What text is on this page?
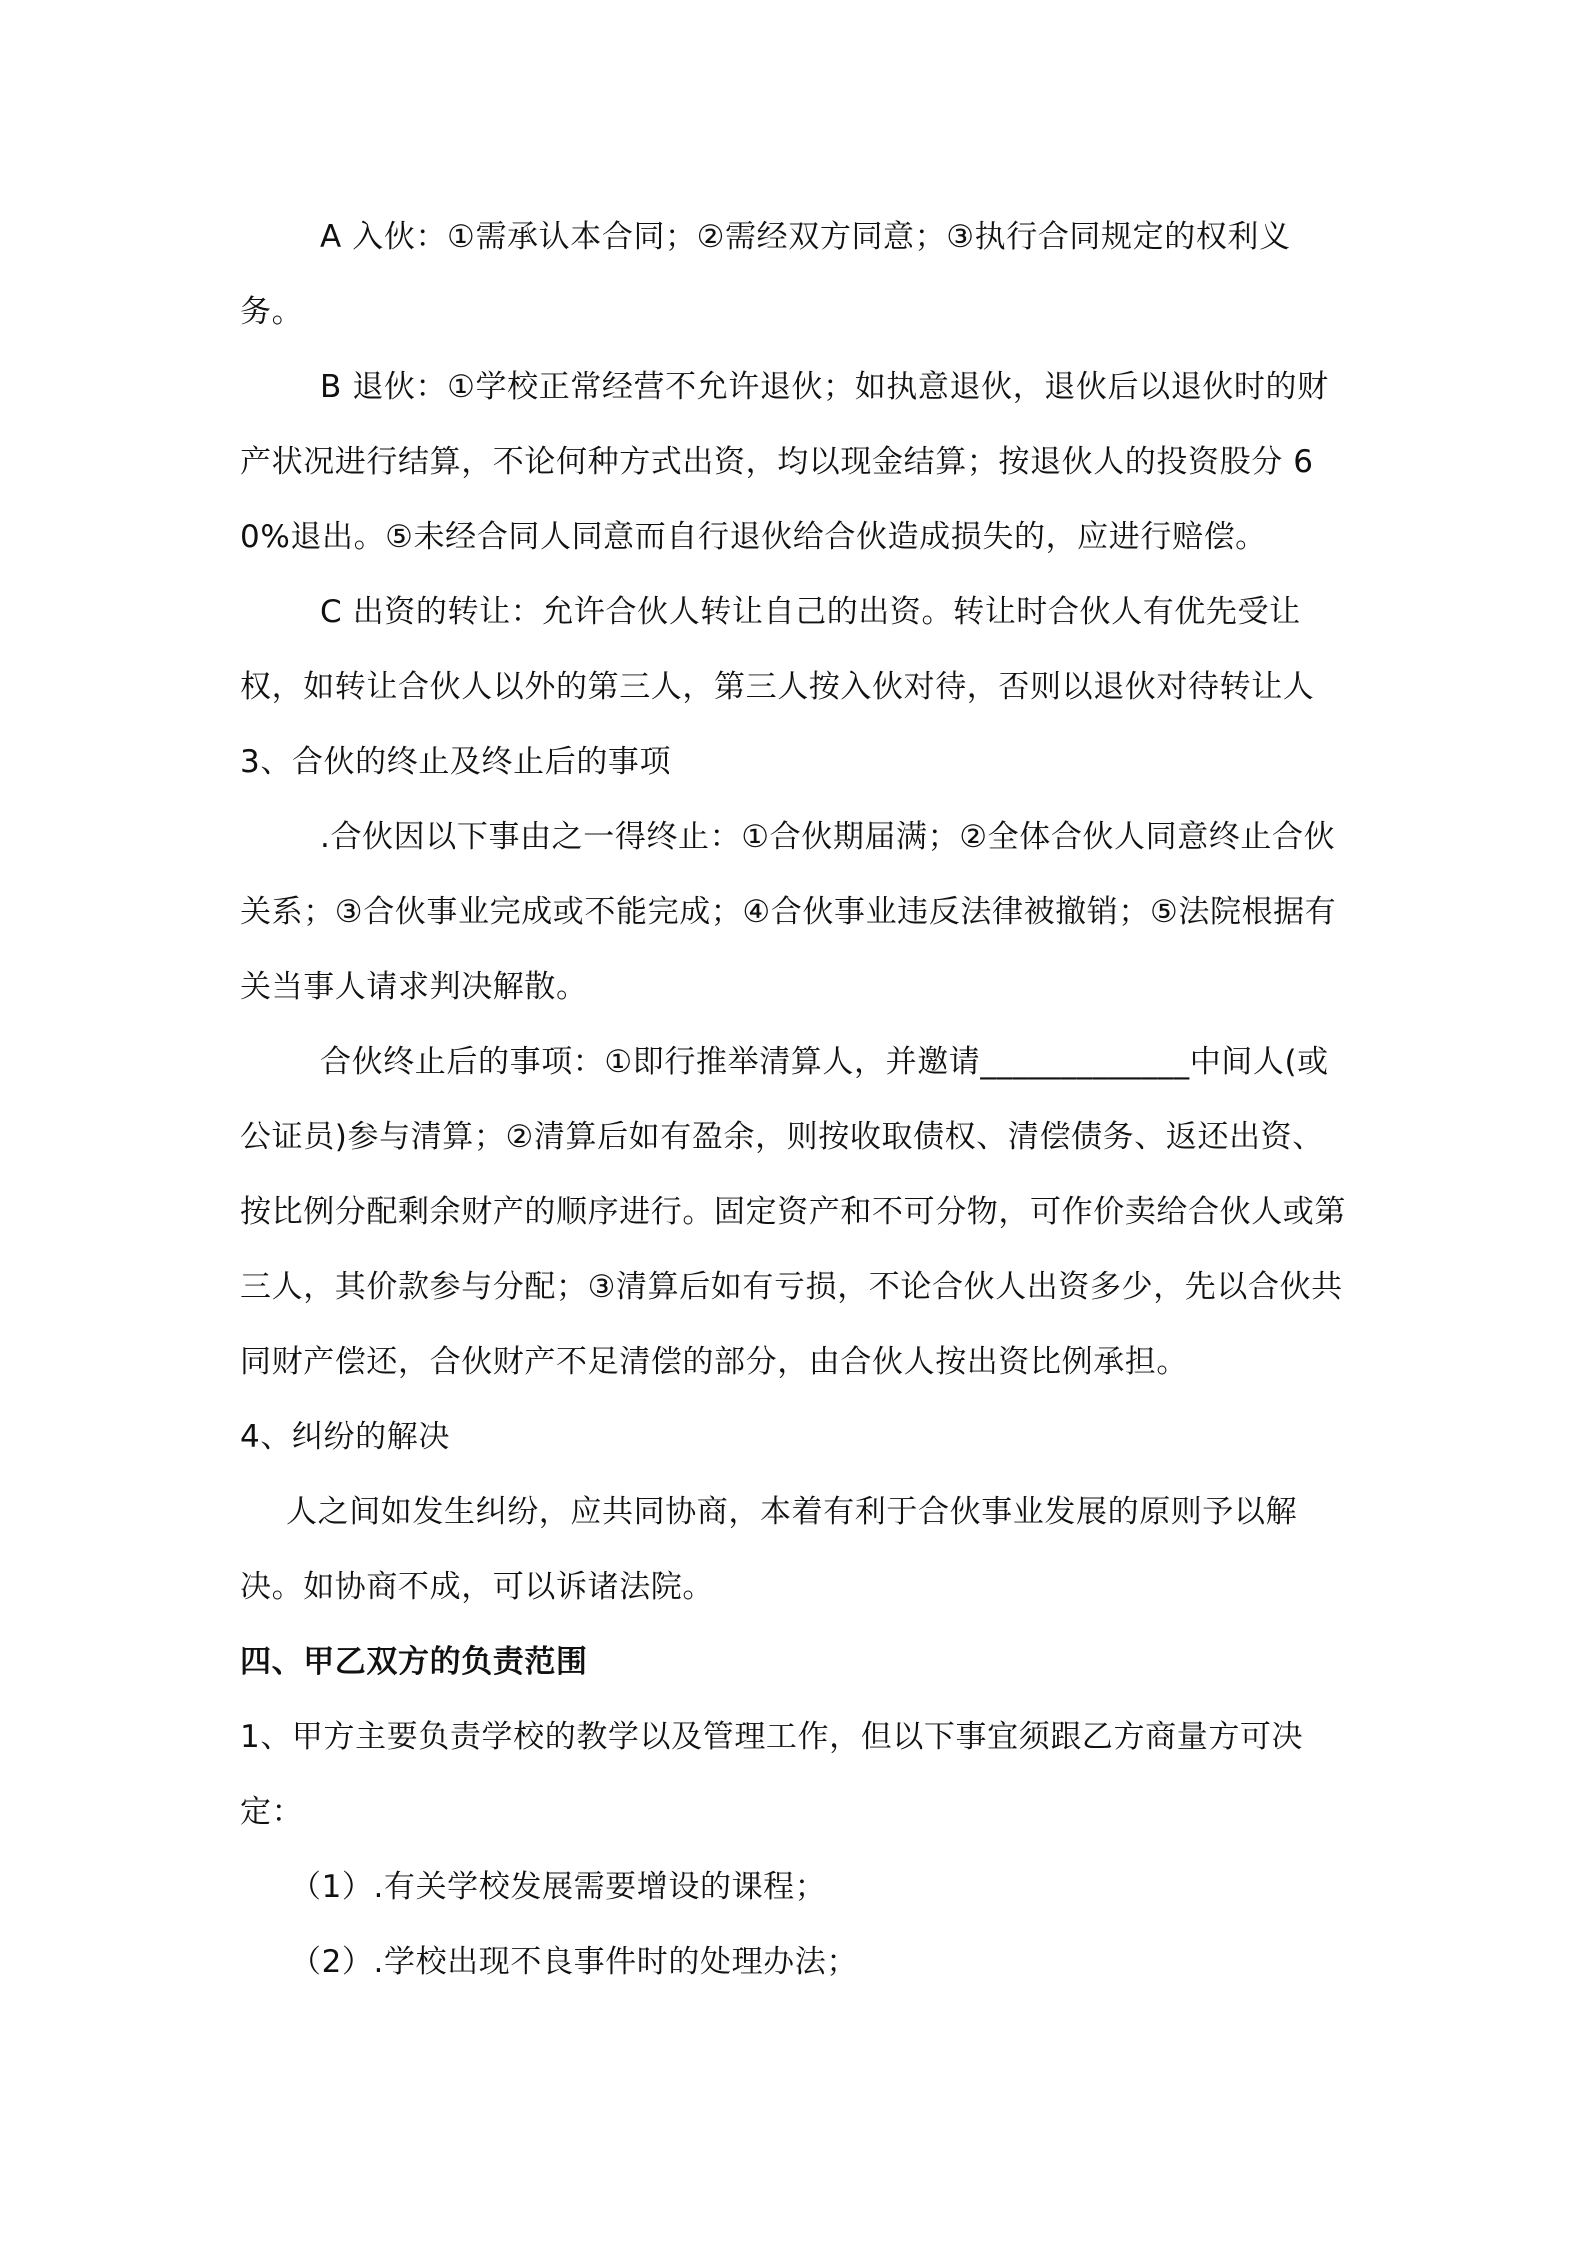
A 入伙：①需承认本合同；②需经双方同意；③执行合同规定的权利义务。

B 退伙：①学校正常经营不允许退伙；如执意退伙，退伙后以退伙时的财产状况进行结算，不论何种方式出资，均以现金结算；按退伙人的投资股分 60%退出。⑤未经合同人同意而自行退伙给合伙造成损失的，应进行赔偿。

C 出资的转让：允许合伙人转让自己的出资。转让时合伙人有优先受让权，如转让合伙人以外的第三人，第三人按入伙对待，否则以退伙对待转让人

3、合伙的终止及终止后的事项

.合伙因以下事由之一得终止：①合伙期届满；②全体合伙人同意终止合伙关系；③合伙事业完成或不能完成；④合伙事业违反法律被撤销；⑤法院根据有关当事人请求判决解散。

合伙终止后的事项：①即行推举清算人，并邀请_____________中间人(或公证员)参与清算；②清算后如有盈余，则按收取债权、清偿债务、返还出资、按比例分配剩余财产的顺序进行。固定资产和不可分物，可作价卖给合伙人或第三人，其价款参与分配；③清算后如有亏损，不论合伙人出资多少，先以合伙共同财产偿还，合伙财产不足清偿的部分，由合伙人按出资比例承担。

4、纠纷的解决

人之间如发生纠纷，应共同协商，本着有利于合伙事业发展的原则予以解决。如协商不成，可以诉诸法院。

四、甲乙双方的负责范围

1、甲方主要负责学校的教学以及管理工作，但以下事宜须跟乙方商量方可决定：

（1）.有关学校发展需要增设的课程；

（2）.学校出现不良事件时的处理办法；
